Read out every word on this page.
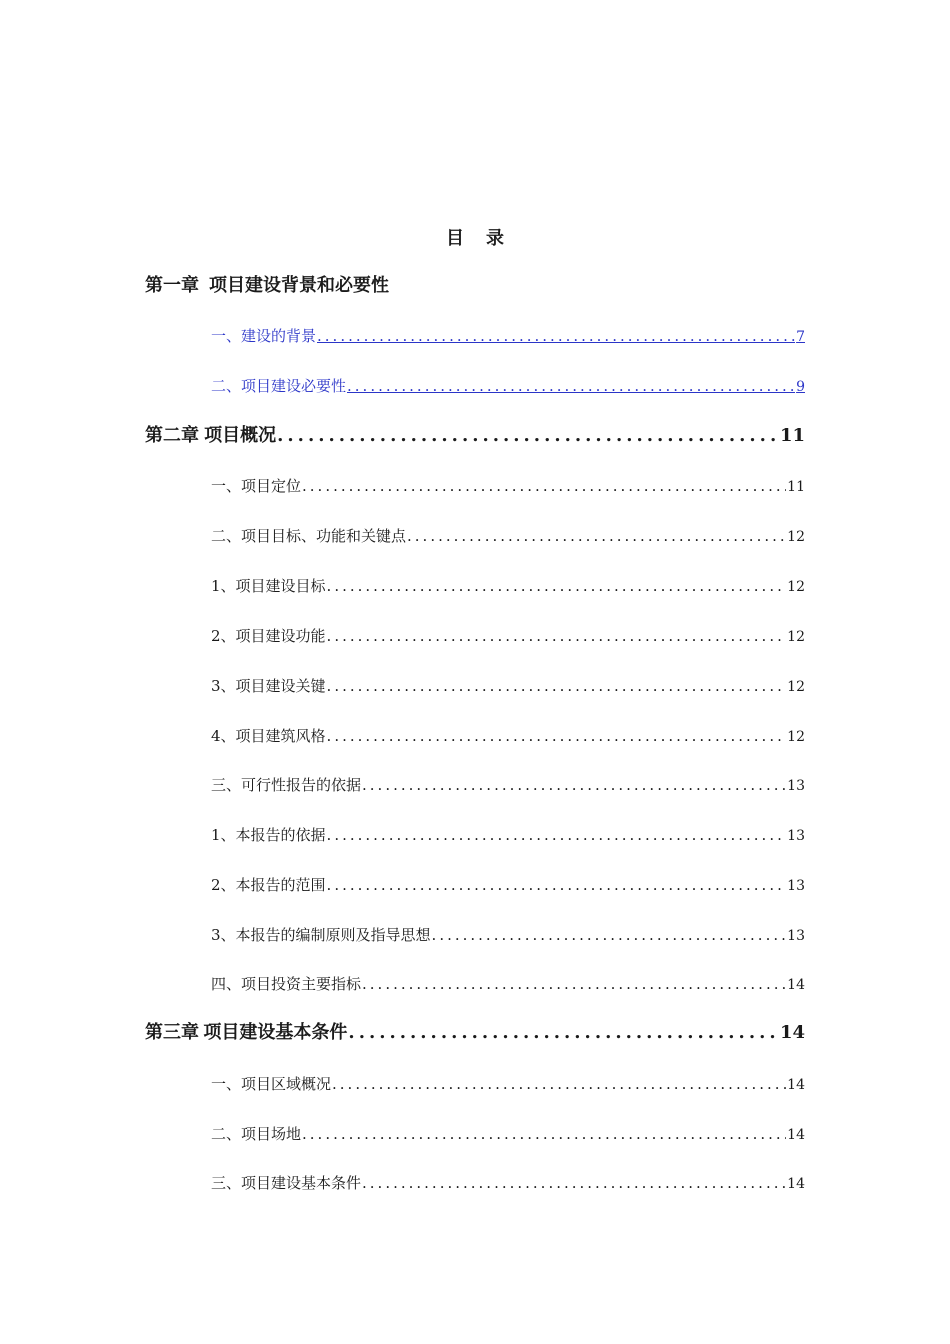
目 录
第一章 项目建设背景和必要性
一、建设的背景 .....	7
二、项目建设必要性 .....	9
第二章 项目概况 .....	11
一、项目定位 .....	11
二、项目目标、功能和关键点 .....	12
1、项目建设目标 .....	12
2、项目建设功能 .....	12
3、项目建设关键 .....	12
4、项目建筑风格 .....	12
三、可行性报告的依据 .....	13
1、本报告的依据 .....	13
2、本报告的范围 .....	13
3、本报告的编制原则及指导思想 .....	13
四、项目投资主要指标 .....	14
第三章 项目建设基本条件 .....	14
一、项目区域概况 .....	14
二、项目场地 .....	14
三、项目建设基本条件 .....	14
